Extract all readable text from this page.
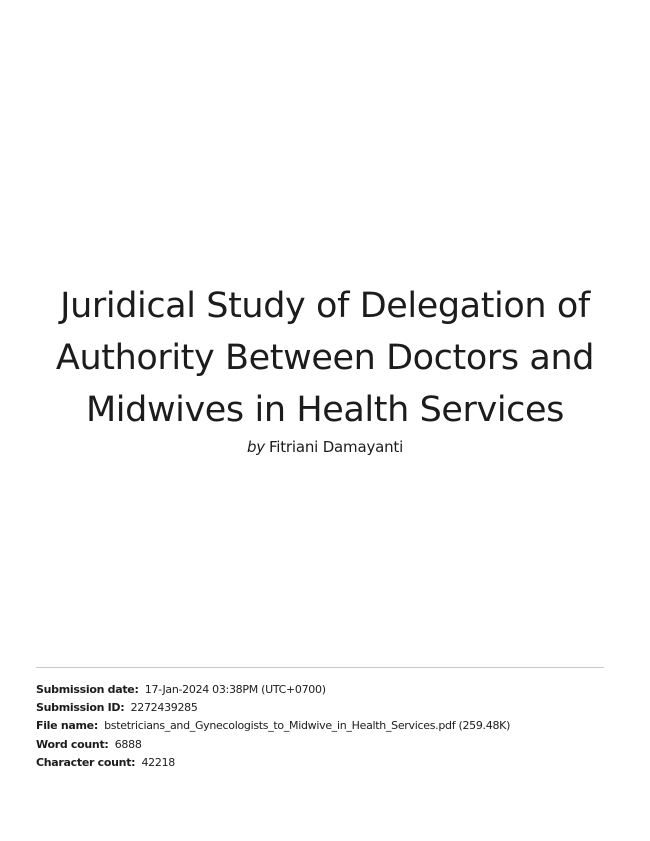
Juridical Study of Delegation of
Authority Between Doctors and
Midwives in Health Services
by Fitriani Damayanti
Submission date: 17-Jan-2024 03:38PM (UTC+0700)
Submission ID: 2272439285
File name: bstetricians_and_Gynecologists_to_Midwive_in_Health_Services.pdf (259.48K)
Word count: 6888
Character count: 42218
